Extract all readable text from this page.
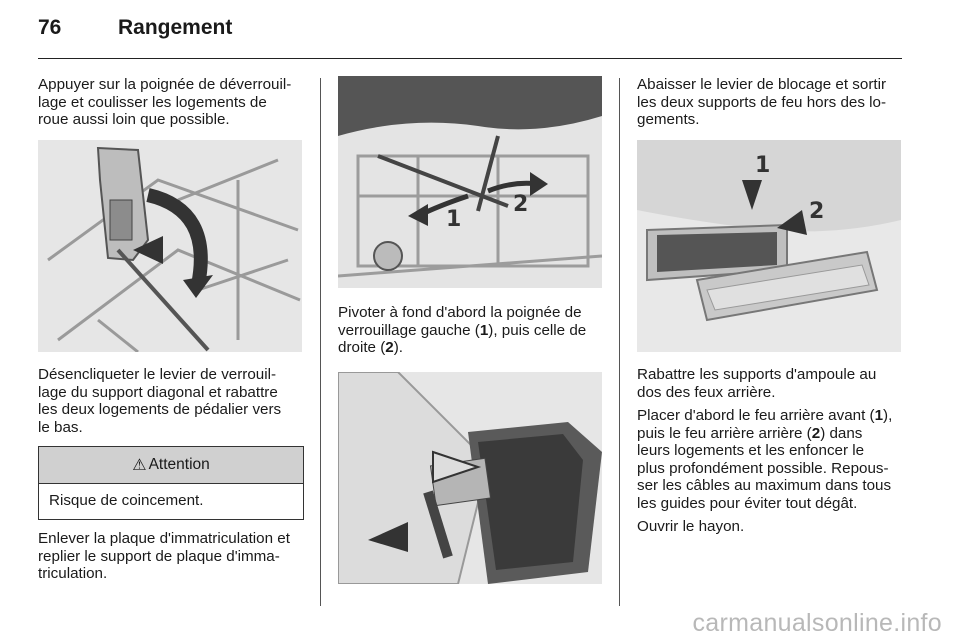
76	Rangement

Appuyer sur la poignée de déverrouil-
lage et coulisser les logements de
roue aussi loin que possible.

Désencliqueter le levier de verrouil-
lage du support diagonal et rabattre
les deux logements de pédalier vers
le bas.

⚠ Attention
Risque de coincement.

Enlever la plaque d'immatriculation et
replier le support de plaque d'imma-
triculation.

1
2

Pivoter à fond d'abord la poignée de
verrouillage gauche (1), puis celle de
droite (2).

Abaisser le levier de blocage et sortir
les deux supports de feu hors des lo-
gements.

1
2

Rabattre les supports d'ampoule au
dos des feux arrière.

Placer d'abord le feu arrière avant (1),
puis le feu arrière arrière (2) dans
leurs logements et les enfoncer le
plus profondément possible. Repous-
ser les câbles au maximum dans tous
les guides pour éviter tout dégât.

Ouvrir le hayon.

carmanualsonline.info
